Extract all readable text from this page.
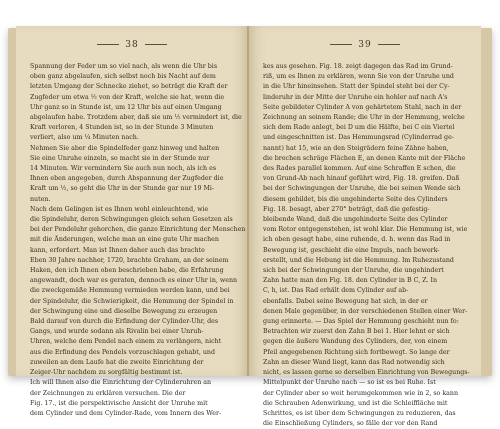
38
Spannung der Feder um so viel nach, als wenn die Uhr bis
oben ganz abgelaufen, sich selbst noch bis Nacht auf dem
letzten Umgang der Schnecke ziehet, so beträgt die Kraft der
Zugfeder um etwa ½ von der Kraft, welche sie hat, wenn die
Uhr ganz so in Stunde ist, um 12 Uhr bis auf einen Umgang
abgelaufen habe. Trotzdem aber, daß sie um ½ vermindert ist, die
Kraft verloren, 4 Stunden ist, so in der Stunde 3 Minuten
verliert, also um ¼ Minuten nach.
Nehmen Sie aber die Spindelfeder ganz hinweg und halten
Sie eine Unruhe einzeln, so macht sie in der Stunde nur
14 Minuten. Wir vermindern Sie auch nun noch, als ich es
Ihnen eben angegeben, durch Abspannung der Zugfeder die
Kraft um ½, so geht die Uhr in der Stunde gar nur 19 Mi-
nuten.
Nach dem Gelingen ist es Ihnen wohl einleuchtend, wie
die Spindeluhr, deren Schwingungen gleich sehen Gesetzen als
bei der Pendeluhr gehorchen, die ganze Einrichtung der Menschen
mit die Änderungen, welche man an eine gute Uhr machen
kann, erfordert. Man ist Ihnen daher auch das brachte
Eben 30 Jahre nachher, 1720, brachte Graham, an der seinem
Haken, den ich Ihnen oben beschrieben habe, die Erfahrung
angewandt, doch war es geraten, dennoch es einer Uhr in, wenn
die zweckgemäße Hemmung vermieden werden kann, und bei
der Spindeluhr, die Schwierigkeit, die Hemmung der Spindel in
der Schwingung eine und dieselbe Bewegung zu erzeugen
Bald darauf von durch die Erfindung der Cylinder-Uhr, des
Gangs, und wurde sodann als Rivalin bei einer Unruh-
Uhren, welche dem Pendel nach einem zu verlängern, nicht
aus die Erfindung des Pendels vorzuschlagen gehabt, und
zuweilen an dem Laufe hat die zweite Einrichtung der
Zeiger-Uhr nachdem zu sorgfältig bestimmt ist.
Ich will Ihnen also die Einrichtung der Cylinderuhren an
der Zeichnungen zu erklären versuchen. Die der
Fig. 17., ist die perspektivische Ansicht der Unruhe mit
dem Cylinder und dem Cylinder-Rade, vom Innern des Wer-
39
kes aus gesehen. Fig. 18. zeigt dagegen das Rad im Grund-
riß, um es Ihnen zu erklären, wenn Sie von der Unruhe und
in die Uhr hineinsehen. Statt der Spindel steht bei der Cy-
linderuhr in der Mitte der Unruhe ein hohler auf nach A's
Seite gebildeter Cylinder A von gehärtetem Stahl, nach in der
Zeichnung an seinem Rande; die Uhr in der Hemmung, welche
sich dem Rade anlegt, bei D um die Hälfte, bei C ein Viertel
und eingeschnitten ist. Das Hemmungsrad (Cylinderrad ge-
nannt) hat 15, wie an den Steigrädern feine Zähne haben,
die brechen schräge Flächen E, an denen Kante mit der Fläche
des Rades parallel kommen. Auf eine Schraffen E schen, die
von Grund-Ab nach hinauf geführt wird, Fig. 18. greifen. Daß
bei der Schwingungen der Unruhe, die bei seinen Wende sich
diesem gebildet, bis die ungehinderte Seite des Cylinders
Fig. 18. besagt, aber 270° beträgt, daß die gefestig-
bleibende Wand, daß die ungehinderte Seite des Cylinder
vom Rotor entgegenstehen, ist wohl klar. Die Hemmung ist, wie
ich oben gesagt habe, eine ruhende, d. h. wenn das Rad in
Bewegung ist, geschieht die eine Impuls, nach bewerk-
erstellt, und die Hebung ist die Hemmung. Im Ruhezustand
sich bei der Schwingungen der Unruhe, die ungehindert
Zahn hatte man den Fig. 18. den Cylinder in B C, Z. In
C, h, ist. Das Rad erhält dem Cylinder auf ab-
ebenfalls. Dabei seine Bewegung hat sich, in der er
denen Male gegenüber, in der verschiedenen Stellen einer Wer-
gung erinnerte. — Das Spiel der Hemmung geschieht nun fo:
Betrachten wir zuerst den Zahn B bei 1. Hier lehnt er sich
gegen die äußere Wandung des Cylinders, der, von einem
Pfeil angegebenen Richtung sich fortbewegt. So lange der
Zahn an dieser Wand liegt, kann das Rad notwendig sich
nicht, es lassen gerne so derselben Einrichtung von Bewegungs-
Mittelpunkt der Unruhe nach — so ist es bei Ruhe. Ist
der Cylinder aber so weit herumgekommen wie in 2, so kann
die Schrauben Adenwirkung, und ist die Schleiffläche mit
Schrittes, es ist über dem Schwingungen zu reduzieren, das
die Einschließung Cylinders, so fälle der vor den Rand
